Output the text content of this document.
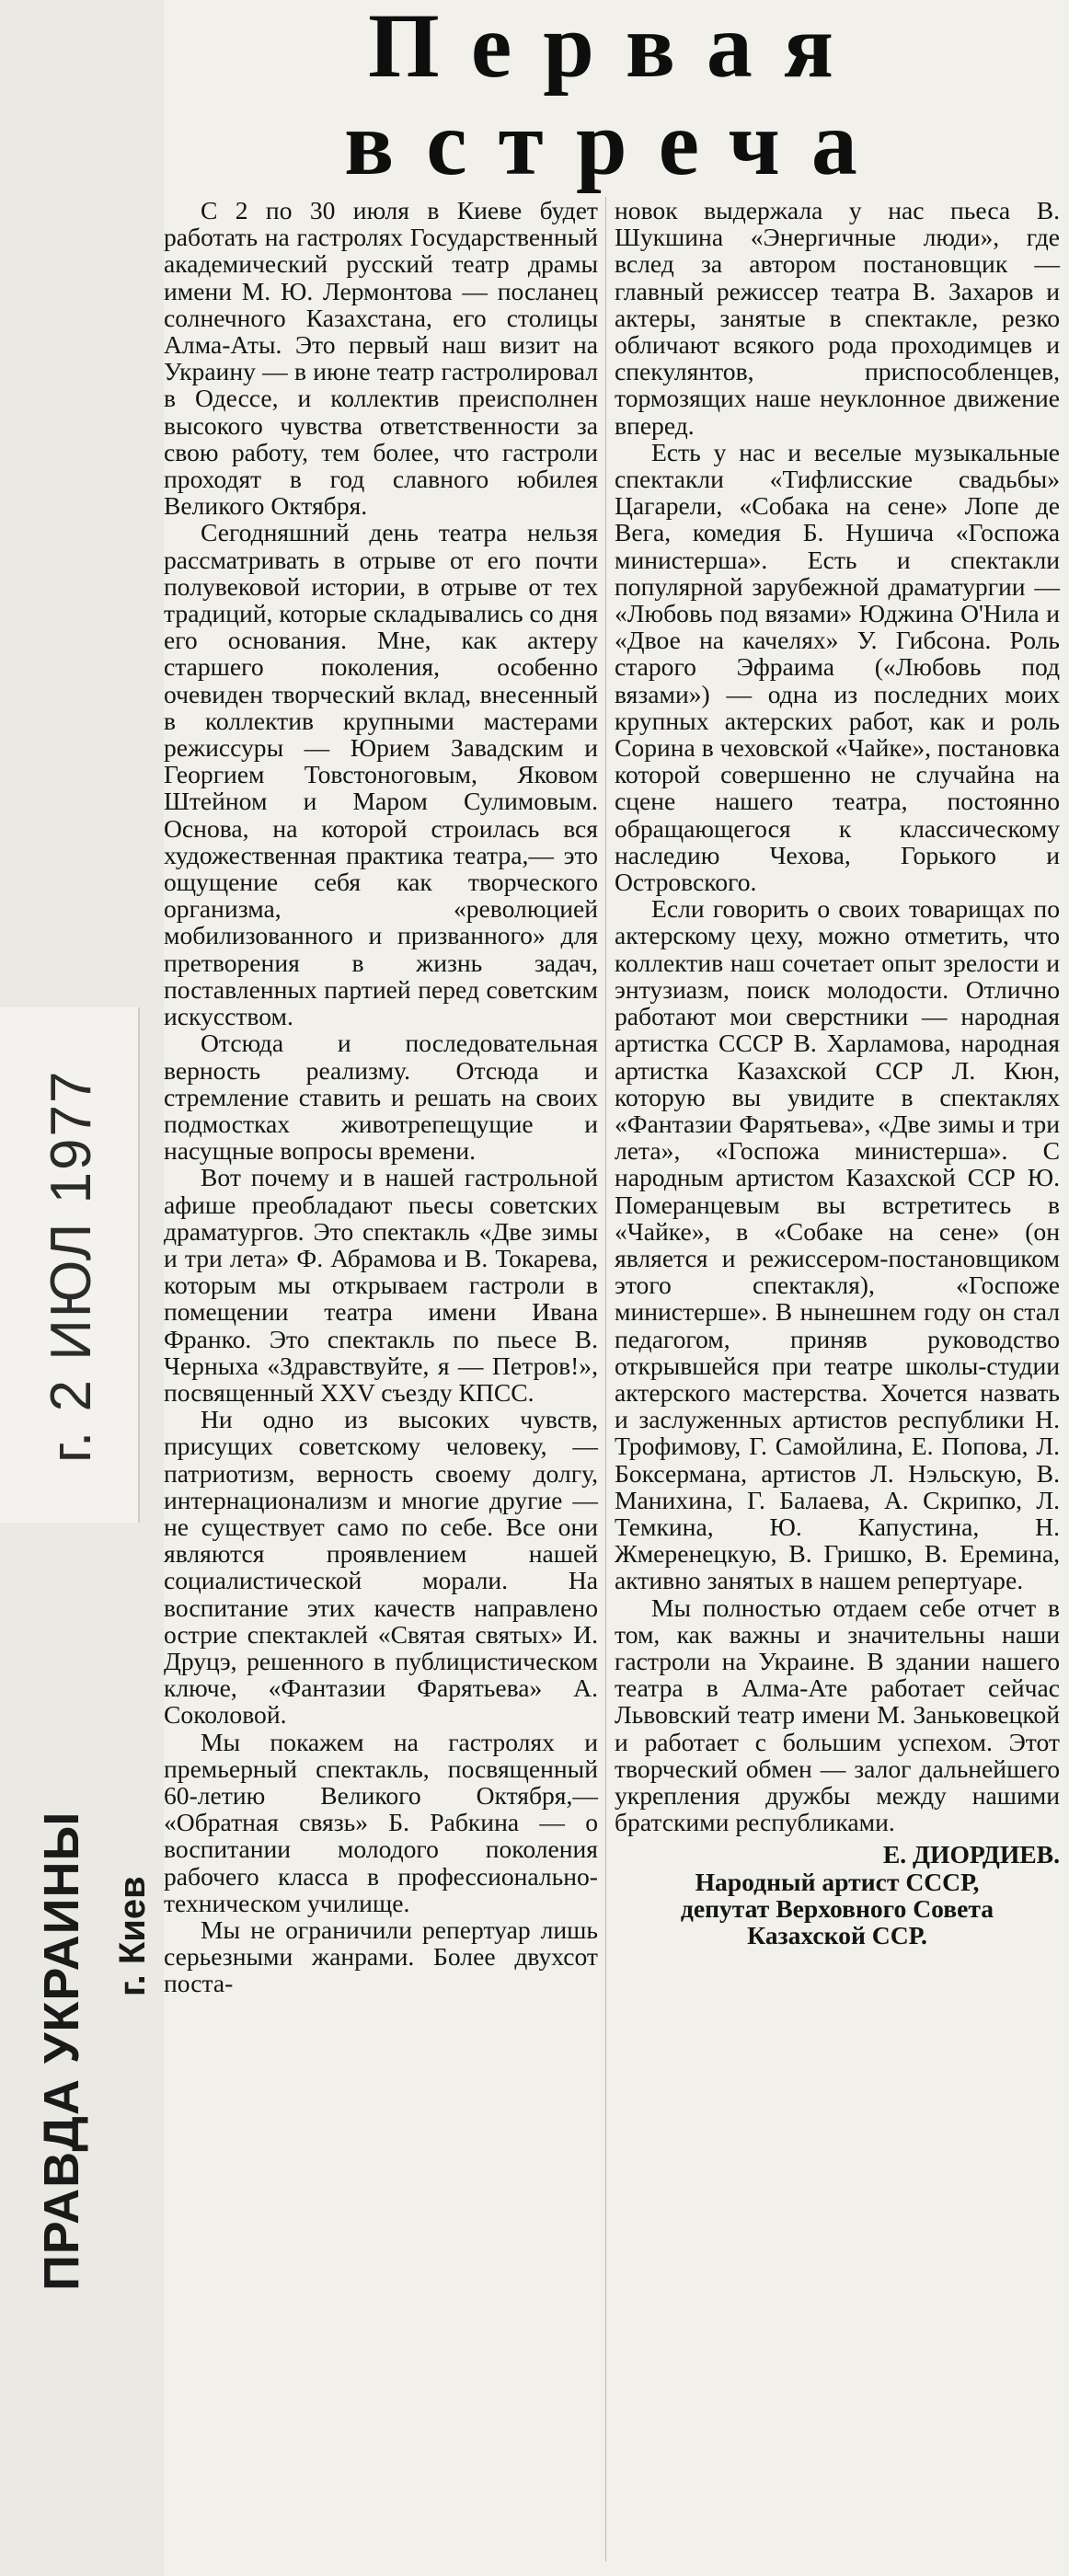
г. 2 ИЮЛ 1977
ПРАВДА УКРАИНЫ г. Киев
Первая
встреча

С 2 по 30 июля в Киеве будет работать на гастролях Государственный академический русский театр драмы имени М. Ю. Лермонтова — посланец солнечного Казахстана, его столицы Алма-Аты. Это первый наш визит на Украину — в июне театр гастролировал в Одессе, и коллектив преисполнен высокого чувства ответственности за свою работу, тем более, что гастроли проходят в год славного юбилея Великого Октября.

Сегодняшний день театра нельзя рассматривать в отрыве от его почти полувековой истории, в отрыве от тех традиций, которые складывались со дня его основания. Мне, как актеру старшего поколения, особенно очевиден творческий вклад, внесенный в коллектив крупными мастерами режиссуры — Юрием Завадским и Георгием Товстоноговым, Яковом Штейном и Маром Сулимовым. Основа, на которой строилась вся художественная практика театра,— это ощущение себя как творческого организма, «революцией мобилизованного и призванного» для претворения в жизнь задач, поставленных партией перед советским искусством.

Отсюда и последовательная верность реализму. Отсюда и стремление ставить и решать на своих подмостках животрепещущие и насущные вопросы времени.

Вот почему и в нашей гастрольной афише преобладают пьесы советских драматургов. Это спектакль «Две зимы и три лета» Ф. Абрамова и В. Токарева, которым мы открываем гастроли в помещении театра имени Ивана Франко. Это спектакль по пьесе В. Черныха «Здравствуйте, я — Петров!», посвященный XXV съезду КПСС.

Ни одно из высоких чувств, присущих советскому человеку, — патриотизм, верность своему долгу, интернационализм и многие другие — не существует само по себе. Все они являются проявлением нашей социалистической морали. На воспитание этих качеств направлено острие спектаклей «Святая святых» И. Друцэ, решенного в публицистическом ключе, «Фантазии Фарятьева» А. Соколовой.

Мы покажем на гастролях и премьерный спектакль, посвященный 60-летию Великого Октября,— «Обратная связь» Б. Рабкина — о воспитании молодого поколения рабочего класса в профессионально-техническом училище.

Мы не ограничили репертуар лишь серьезными жанрами. Более двухсот поста-

новок выдержала у нас пьеса В. Шукшина «Энергичные люди», где вслед за автором постановщик — главный режиссер театра В. Захаров и актеры, занятые в спектакле, резко обличают всякого рода проходимцев и спекулянтов, приспособленцев, тормозящих наше неуклонное движение вперед.

Есть у нас и веселые музыкальные спектакли «Тифлисские свадьбы» Цагарели, «Собака на сене» Лопе де Вега, комедия Б. Нушича «Госпожа министерша». Есть и спектакли популярной зарубежной драматургии — «Любовь под вязами» Юджина О'Нила и «Двое на качелях» У. Гибсона. Роль старого Эфраима («Любовь под вязами») — одна из последних моих крупных актерских работ, как и роль Сорина в чеховской «Чайке», постановка которой совершенно не случайна на сцене нашего театра, постоянно обращающегося к классическому наследию Чехова, Горького и Островского.

Если говорить о своих товарищах по актерскому цеху, можно отметить, что коллектив наш сочетает опыт зрелости и энтузиазм, поиск молодости. Отлично работают мои сверстники — народная артистка СССР В. Харламова, народная артистка Казахской ССР Л. Кюн, которую вы увидите в спектаклях «Фантазии Фарятьева», «Две зимы и три лета», «Госпожа министерша». С народным артистом Казахской ССР Ю. Померанцевым вы встретитесь в «Чайке», в «Собаке на сене» (он является и режиссером-постановщиком этого спектакля), «Госпоже министерше». В нынешнем году он стал педагогом, приняв руководство открывшейся при театре школы-студии актерского мастерства. Хочется назвать и заслуженных артистов республики Н. Трофимову, Г. Самойлина, Е. Попова, Л. Боксермана, артистов Л. Нэльскую, В. Манихина, Г. Балаева, А. Скрипко, Л. Темкина, Ю. Капустина, Н. Жмеренецкую, В. Гришко, В. Еремина, активно занятых в нашем репертуаре.

Мы полностью отдаем себе отчет в том, как важны и значительны наши гастроли на Украине. В здании нашего театра в Алма-Ате работает сейчас Львовский театр имени М. Заньковецкой и работает с большим успехом. Этот творческий обмен — залог дальнейшего укрепления дружбы между нашими братскими республиками.

Е. ДИОРДИЕВ.
Народный артист СССР,
депутат Верховного Совета
Казахской ССР.
